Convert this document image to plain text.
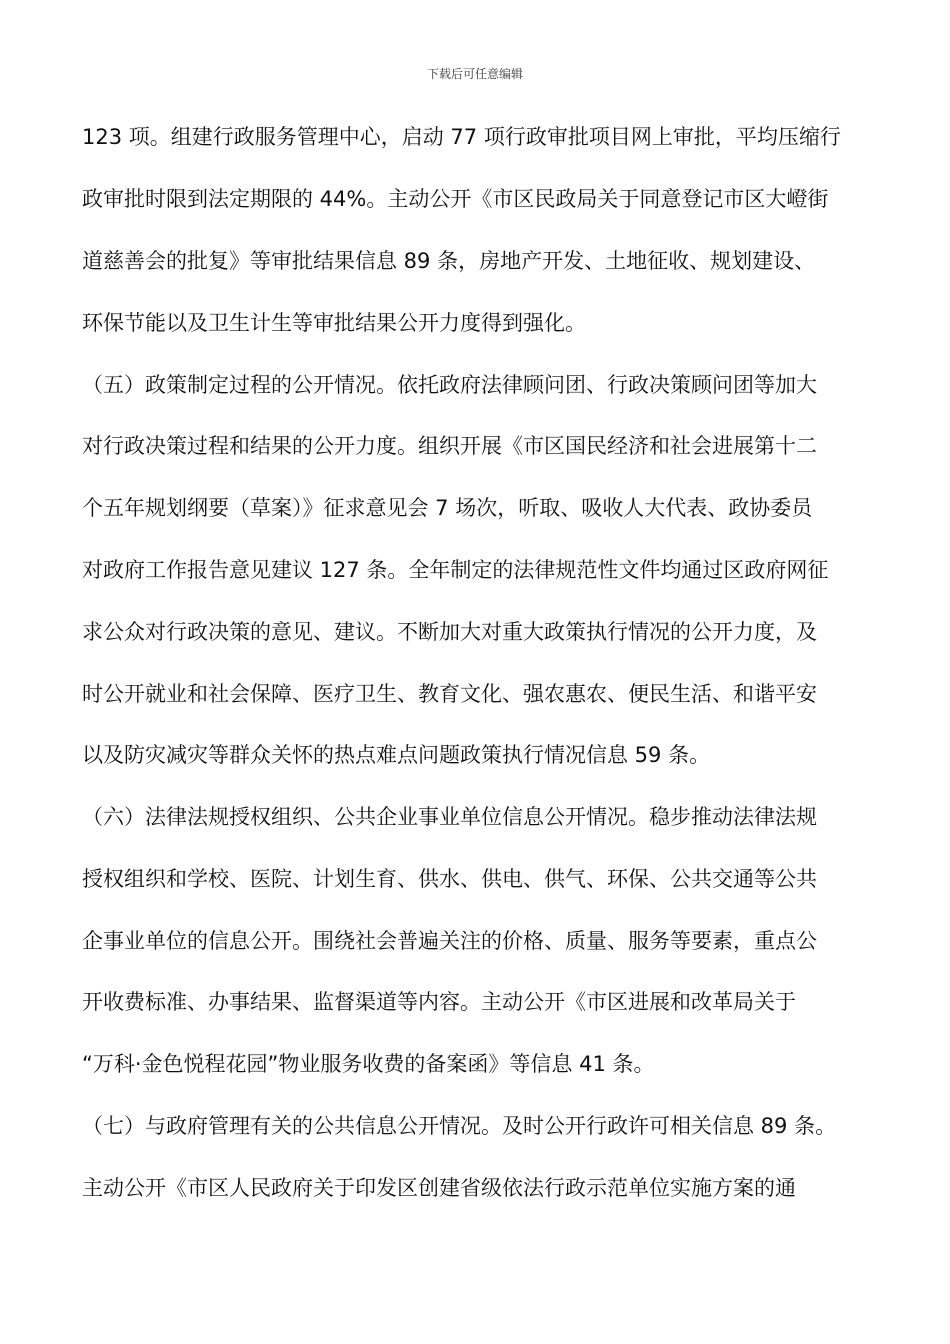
下载后可任意编辑
123 项。组建行政服务管理中心，启动 77 项行政审批项目网上审批，平均压缩行
政审批时限到法定期限的 44%。主动公开《市区民政局关于同意登记市区大嶝街
道慈善会的批复》等审批结果信息 89 条，房地产开发、土地征收、规划建设、
环保节能以及卫生计生等审批结果公开力度得到强化。
（五）政策制定过程的公开情况。依托政府法律顾问团、行政决策顾问团等加大
对行政决策过程和结果的公开力度。组织开展《市区国民经济和社会进展第十二
个五年规划纲要（草案）》征求意见会 7 场次，听取、吸收人大代表、政协委员
对政府工作报告意见建议 127 条。全年制定的法律规范性文件均通过区政府网征
求公众对行政决策的意见、建议。不断加大对重大政策执行情况的公开力度，及
时公开就业和社会保障、医疗卫生、教育文化、强农惠农、便民生活、和谐平安
以及防灾减灾等群众关怀的热点难点问题政策执行情况信息 59 条。
（六）法律法规授权组织、公共企业事业单位信息公开情况。稳步推动法律法规
授权组织和学校、医院、计划生育、供水、供电、供气、环保、公共交通等公共
企事业单位的信息公开。围绕社会普遍关注的价格、质量、服务等要素，重点公
开收费标准、办事结果、监督渠道等内容。主动公开《市区进展和改革局关于
“万科·金色悦程花园”物业服务收费的备案函》等信息 41 条。
（七）与政府管理有关的公共信息公开情况。及时公开行政许可相关信息 89 条。
主动公开《市区人民政府关于印发区创建省级依法行政示范单位实施方案的通
